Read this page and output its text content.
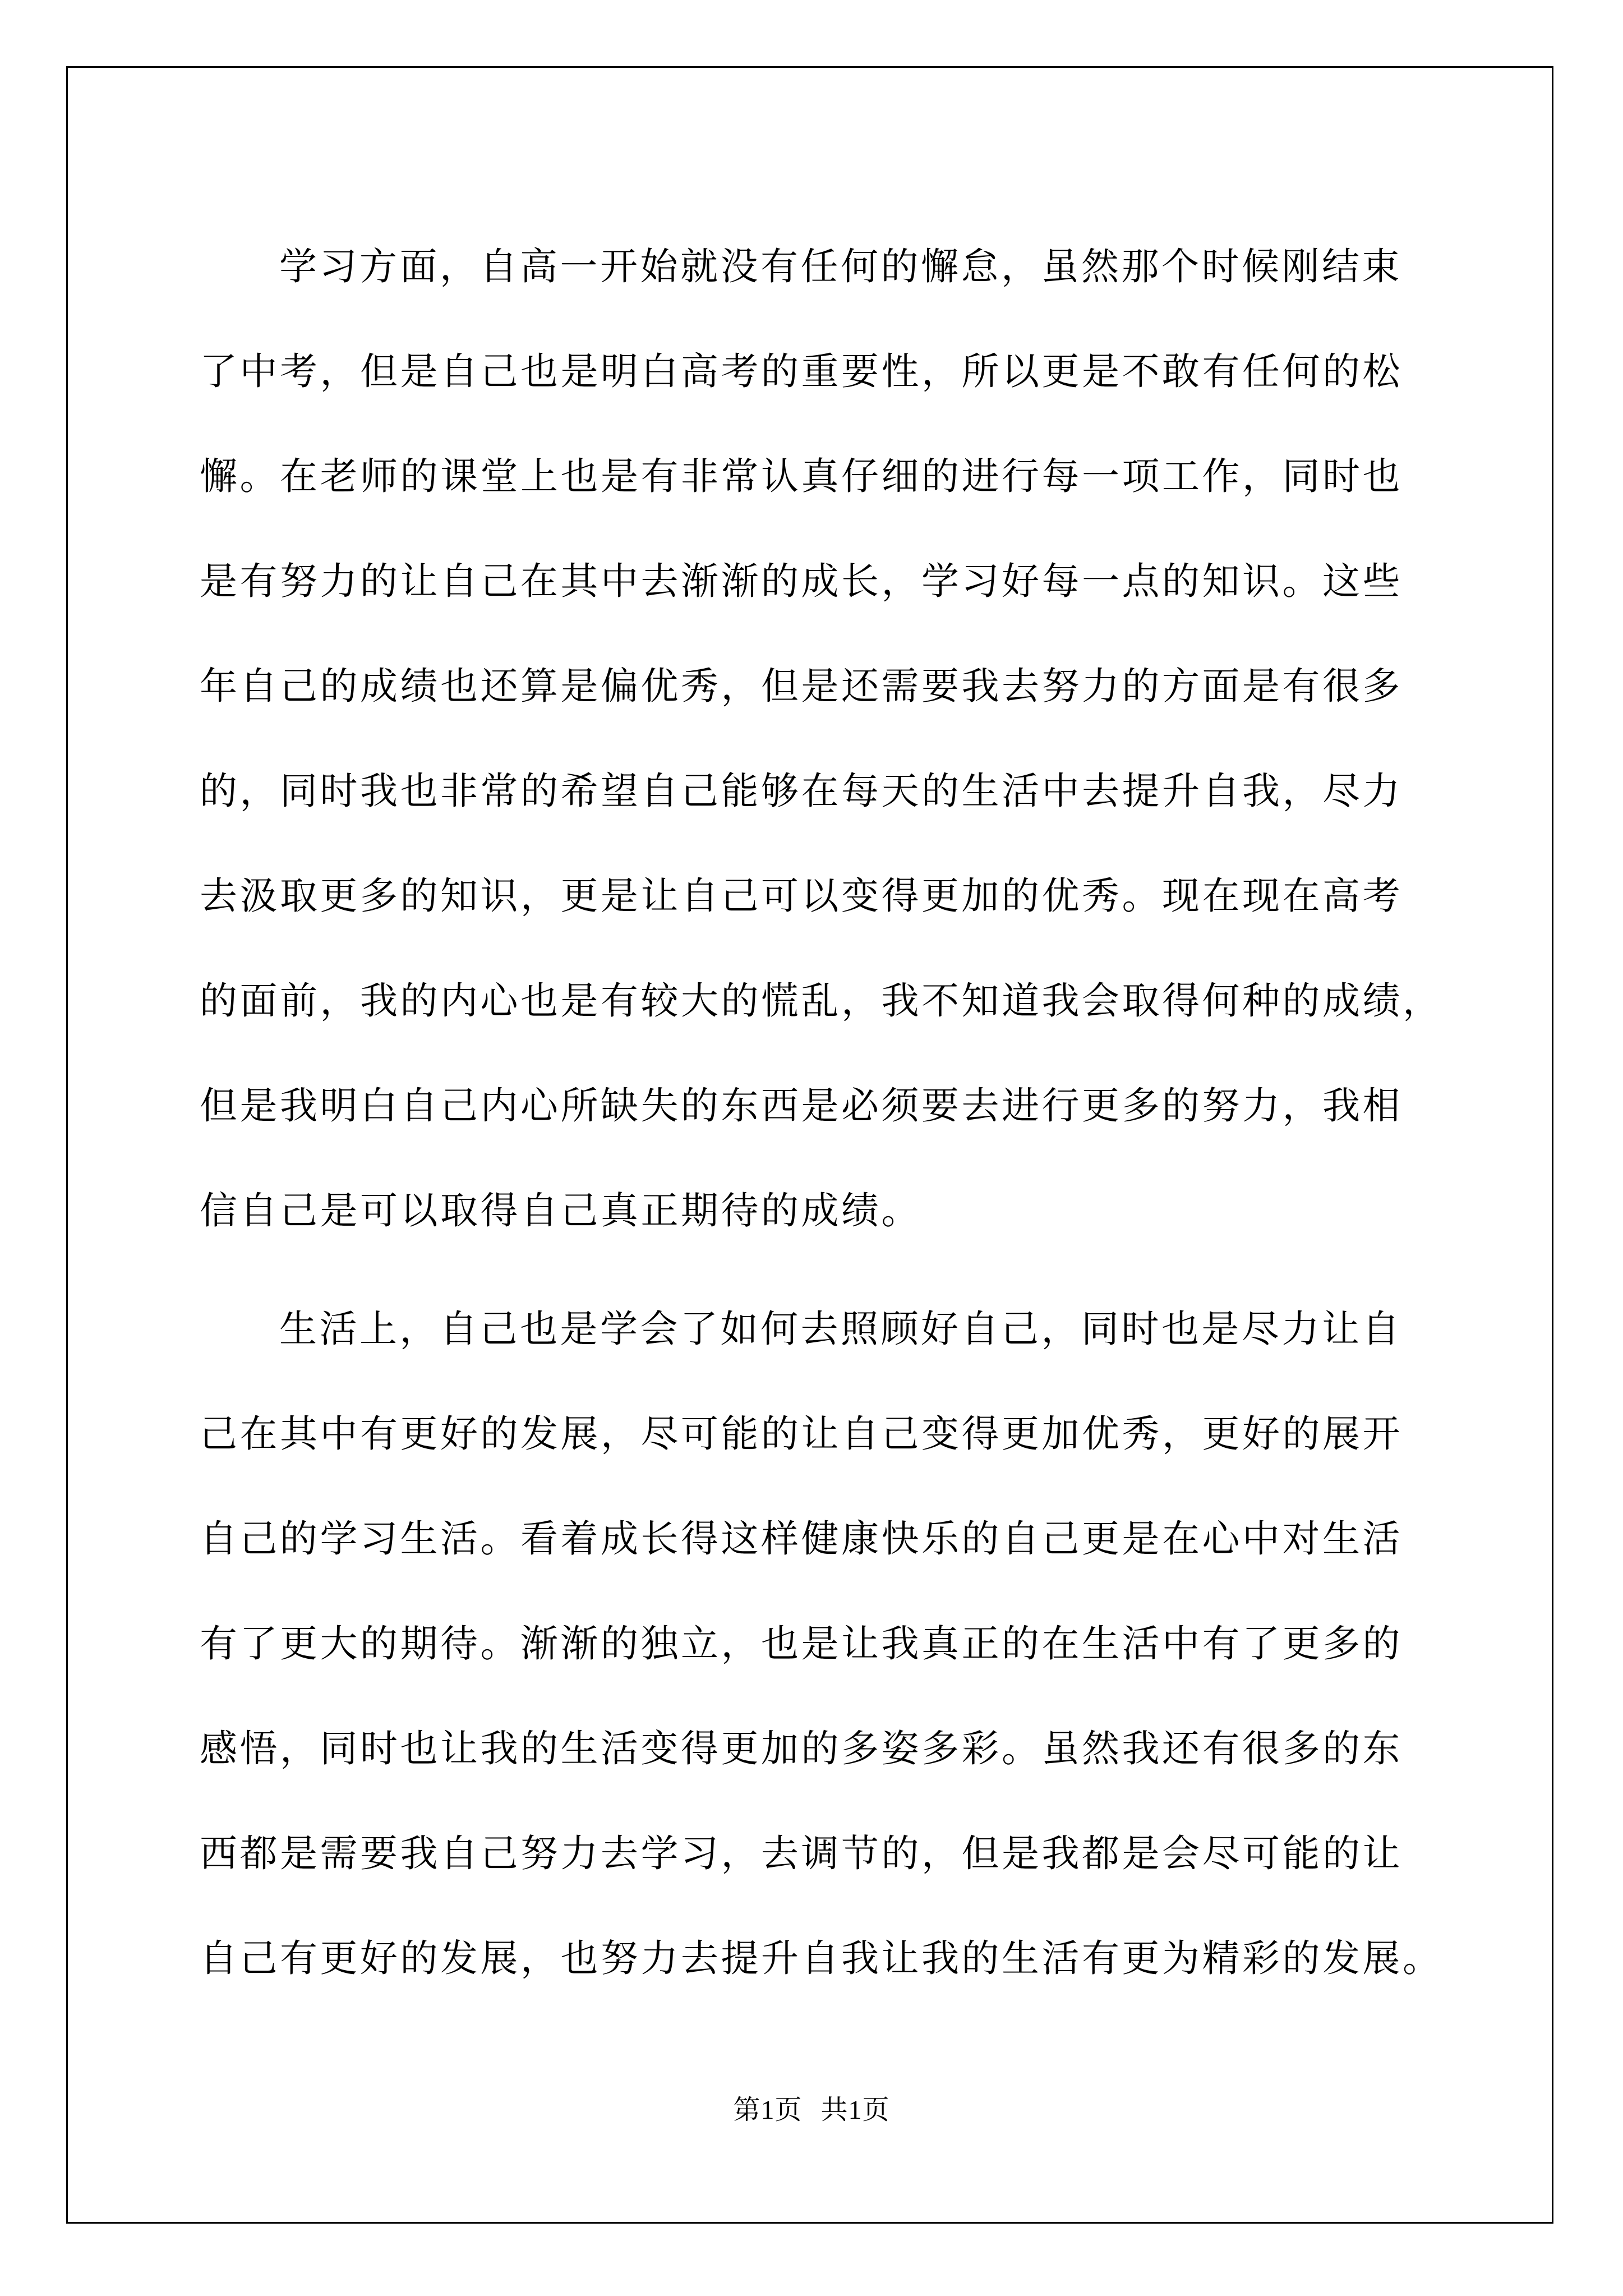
学习方面，自高一开始就没有任何的懈怠，虽然那个时候刚结束
了中考，但是自己也是明白高考的重要性，所以更是不敢有任何的松
懈。在老师的课堂上也是有非常认真仔细的进行每一项工作，同时也
是有努力的让自己在其中去渐渐的成长，学习好每一点的知识。这些
年自己的成绩也还算是偏优秀，但是还需要我去努力的方面是有很多
的，同时我也非常的希望自己能够在每天的生活中去提升自我，尽力
去汲取更多的知识，更是让自己可以变得更加的优秀。现在现在高考
的面前，我的内心也是有较大的慌乱，我不知道我会取得何种的成绩，
但是我明白自己内心所缺失的东西是必须要去进行更多的努力，我相
信自己是可以取得自己真正期待的成绩。

生活上，自己也是学会了如何去照顾好自己，同时也是尽力让自
己在其中有更好的发展，尽可能的让自己变得更加优秀，更好的展开
自己的学习生活。看着成长得这样健康快乐的自己更是在心中对生活
有了更大的期待。渐渐的独立，也是让我真正的在生活中有了更多的
感悟，同时也让我的生活变得更加的多姿多彩。虽然我还有很多的东
西都是需要我自己努力去学习，去调节的，但是我都是会尽可能的让
自己有更好的发展，也努力去提升自我让我的生活有更为精彩的发展。

第1页 共1页
